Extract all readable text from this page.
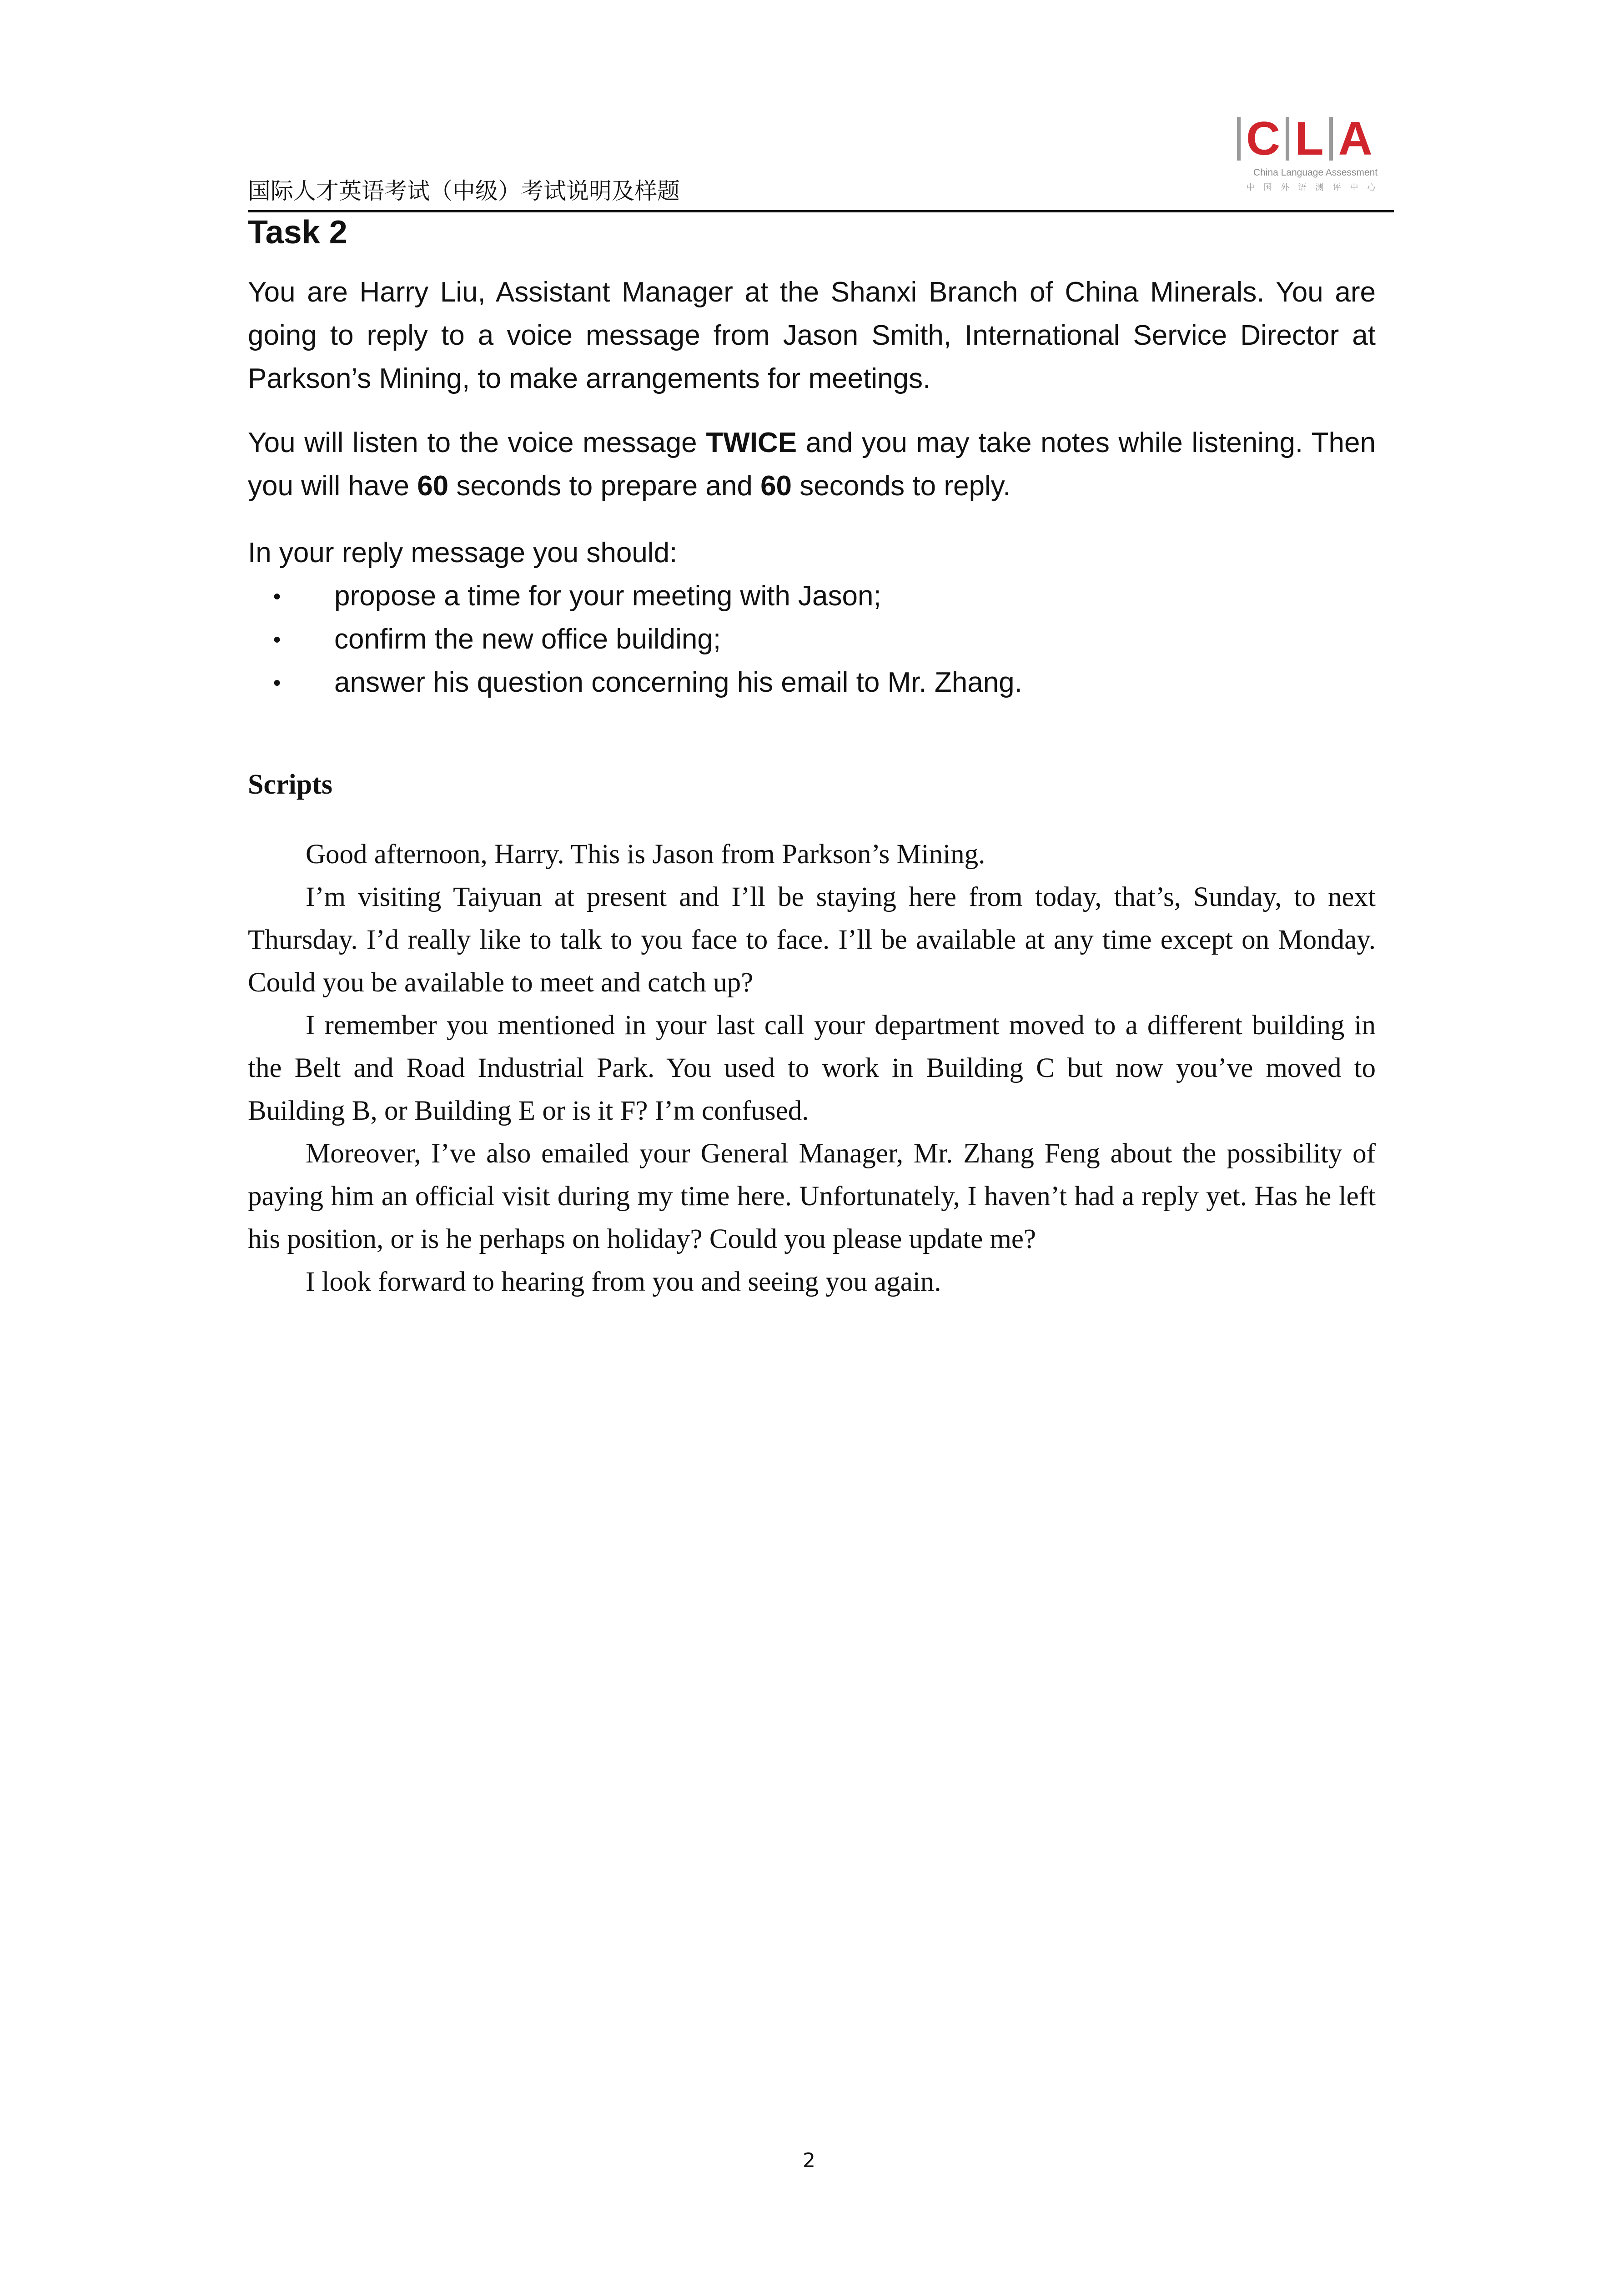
国际人才英语考试（中级）考试说明及样题
C L A
China Language Assessment
中国外语测评中心
Task 2

You are Harry Liu, Assistant Manager at the Shanxi Branch of China Minerals. You are going to reply to a voice message from Jason Smith, International Service Director at Parkson’s Mining, to make arrangements for meetings.

You will listen to the voice message TWICE and you may take notes while listening. Then you will have 60 seconds to prepare and 60 seconds to reply.

In your reply message you should:

● propose a time for your meeting with Jason;
● confirm the new office building;
● answer his question concerning his email to Mr. Zhang.
Scripts

Good afternoon, Harry. This is Jason from Parkson’s Mining.

I’m visiting Taiyuan at present and I’ll be staying here from today, that’s, Sunday, to next Thursday. I’d really like to talk to you face to face. I’ll be available at any time except on Monday. Could you be available to meet and catch up?

I remember you mentioned in your last call your department moved to a different building in the Belt and Road Industrial Park. You used to work in Building C but now you’ve moved to Building B, or Building E or is it F? I’m confused.

Moreover, I’ve also emailed your General Manager, Mr. Zhang Feng about the possibility of paying him an official visit during my time here. Unfortunately, I haven’t had a reply yet. Has he left his position, or is he perhaps on holiday? Could you please update me?

I look forward to hearing from you and seeing you again.

2
